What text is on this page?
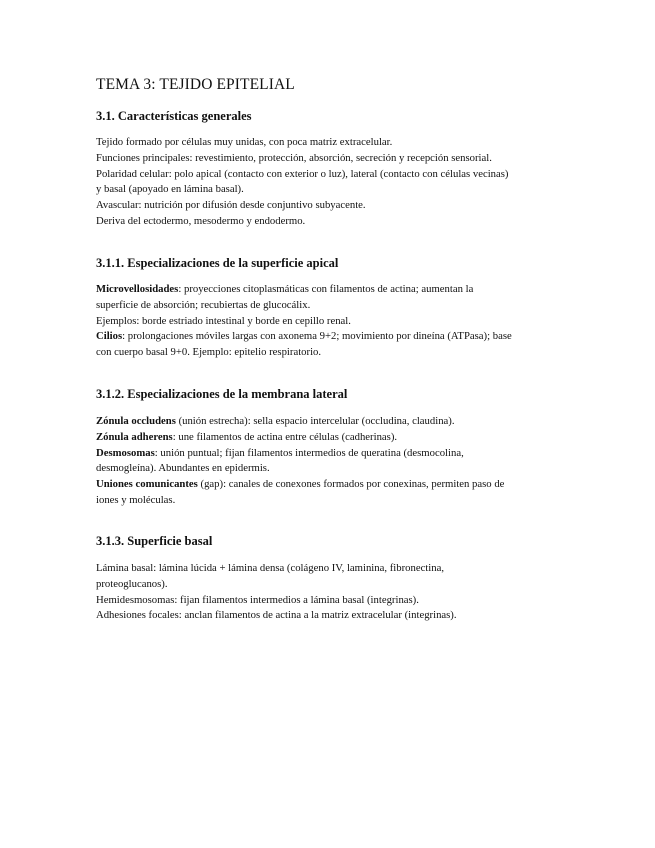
TEMA 3: TEJIDO EPITELIAL
3.1. Características generales
Tejido formado por células muy unidas, con poca matriz extracelular.
Funciones principales: revestimiento, protección, absorción, secreción y recepción sensorial.
Polaridad celular: polo apical (contacto con exterior o luz), lateral (contacto con células vecinas)
y basal (apoyado en lámina basal).
Avascular: nutrición por difusión desde conjuntivo subyacente.
Deriva del ectodermo, mesodermo y endodermo.
3.1.1. Especializaciones de la superficie apical
Microvellosidades: proyecciones citoplasmáticas con filamentos de actina; aumentan la
superficie de absorción; recubiertas de glucocálix.
Ejemplos: borde estriado intestinal y borde en cepillo renal.
Cilios: prolongaciones móviles largas con axonema 9+2; movimiento por dineína (ATPasa); base
con cuerpo basal 9+0. Ejemplo: epitelio respiratorio.
3.1.2. Especializaciones de la membrana lateral
Zónula occludens (unión estrecha): sella espacio intercelular (occludina, claudina).
Zónula adherens: une filamentos de actina entre células (cadherinas).
Desmosomas: unión puntual; fijan filamentos intermedios de queratina (desmocolina,
desmogleína). Abundantes en epidermis.
Uniones comunicantes (gap): canales de conexones formados por conexinas, permiten paso de
iones y moléculas.
3.1.3. Superficie basal
Lámina basal: lámina lúcida + lámina densa (colágeno IV, laminina, fibronectina,
proteoglucanos).
Hemidesmosomas: fijan filamentos intermedios a lámina basal (integrinas).
Adhesiones focales: anclan filamentos de actina a la matriz extracelular (integrinas).
